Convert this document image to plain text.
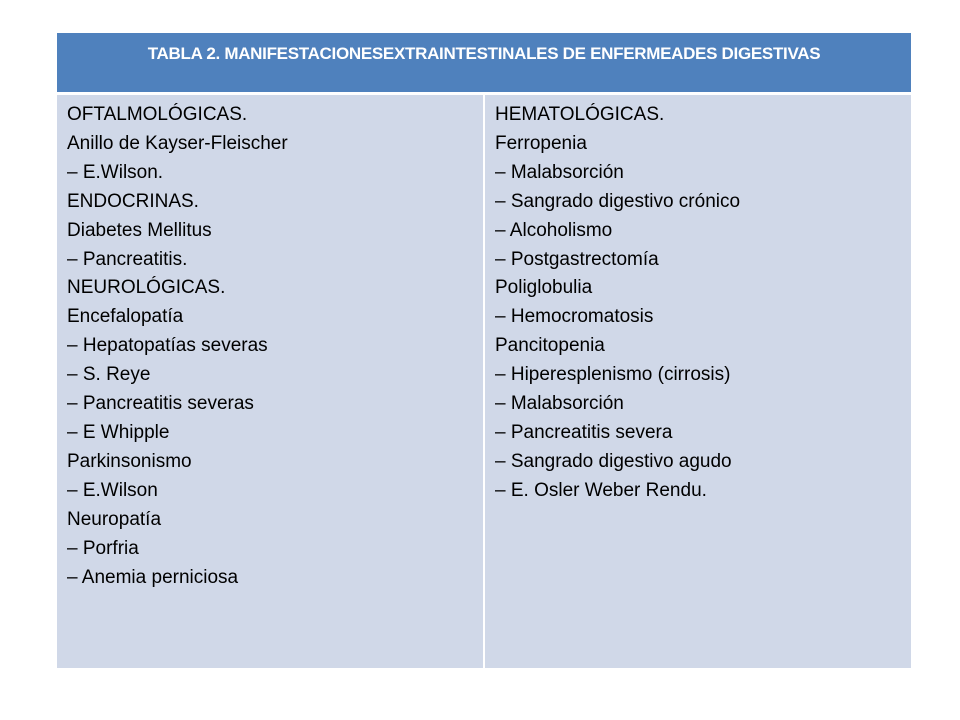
TABLA 2. MANIFESTACIONESEXTRAINTESTINALES DE ENFERMEADES DIGESTIVAS
OFTALMOLÓGICAS.
Anillo de Kayser-Fleischer
– E.Wilson.
ENDOCRINAS.
Diabetes Mellitus
– Pancreatitis.
NEUROLÓGICAS.
Encefalopatía
– Hepatopatías severas
– S. Reye
– Pancreatitis severas
– E Whipple
Parkinsonismo
– E.Wilson
Neuropatía
– Porfria
– Anemia perniciosa
HEMATOLÓGICAS.
Ferropenia
– Malabsorción
– Sangrado digestivo crónico
– Alcoholismo
– Postgastrectomía
Poliglobulia
– Hemocromatosis
Pancitopenia
– Hiperesplenismo (cirrosis)
– Malabsorción
– Pancreatitis severa
– Sangrado digestivo agudo
– E. Osler Weber Rendu.
